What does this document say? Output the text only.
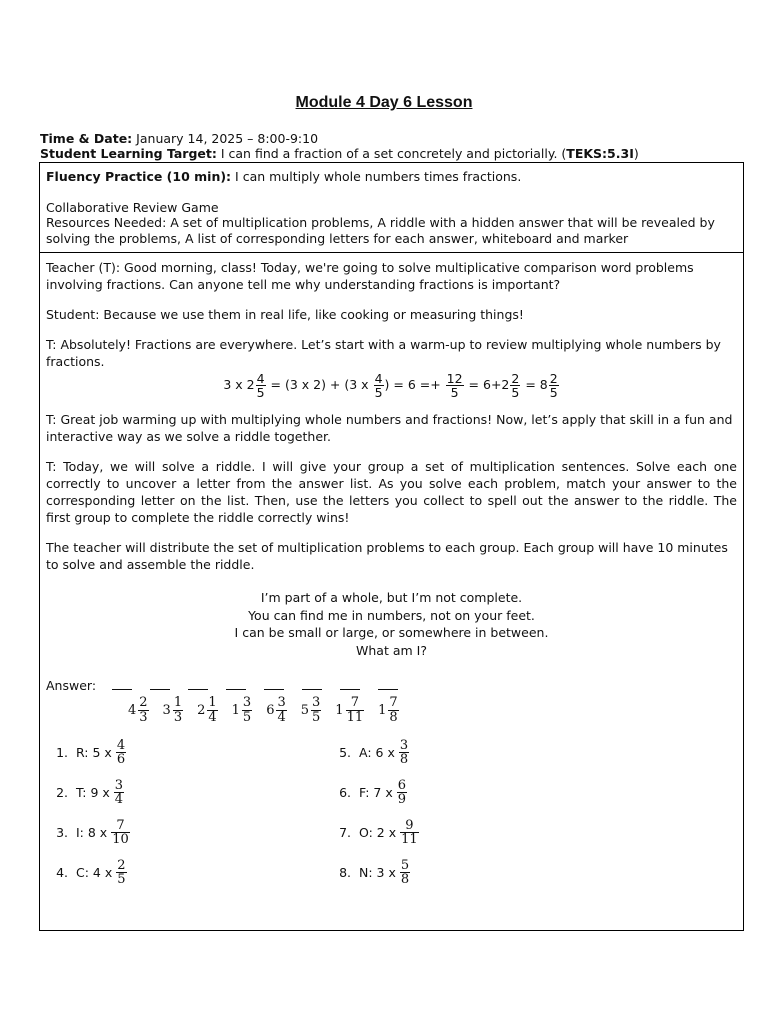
Module 4 Day 6 Lesson
Time & Date: January 14, 2025 – 8:00-9:10
Student Learning Target: I can find a fraction of a set concretely and pictorially. (TEKS:5.3I)

Fluency Practice (10 min): I can multiply whole numbers times fractions.

Collaborative Review Game

Resources Needed: A set of multiplication problems, A riddle with a hidden answer that will be revealed by solving the problems, A list of corresponding letters for each answer, whiteboard and marker

Teacher (T): Good morning, class! Today, we're going to solve multiplicative comparison word problems involving fractions. Can anyone tell me why understanding fractions is important?

Student: Because we use them in real life, like cooking or measuring things!

T: Absolutely! Fractions are everywhere. Let’s start with a warm-up to review multiplying whole numbers by fractions.

3 x $2 \frac{4}{5} = (3$ x 2) + (3 x $\frac{4}{5}$ ) = $6 =+ \frac{12}{5} = 6+2 \frac{2}{5} = 8 \frac{2}{5}$

T: Great job warming up with multiplying whole numbers and fractions! Now, let’s apply that skill in a fun and interactive way as we solve a riddle together.

T: Today, we will solve a riddle. I will give your group a set of multiplication sentences. Solve each one correctly to uncover a letter from the answer list. As you solve each problem, match your answer to the corresponding letter on the list. Then, use the letters you collect to spell out the answer to the riddle. The first group to complete the riddle correctly wins!

The teacher will distribute the set of multiplication problems to each group. Each group will have 10 minutes to solve and assemble the riddle.

I’m part of a whole, but I’m not complete.
You can find me in numbers, not on your feet.
I can be small or large, or somewhere in between.
What am I?
Answer:
$4 \frac{2}{3}$
$3 \frac{1}{3}$
$2 \frac{1}{4}$
$1 \frac{3}{5}$
$6 \frac{3}{4}$
$5 \frac{3}{5}$
$1 \frac{7}{11}$
$1 \frac{7}{8}$
1. R: 5 x $\frac{4}{6}$
2. T: 9 x $\frac{3}{4}$
3. I: 8 x $\frac{7}{10}$
4. C: 4 x $\frac{2}{5}$
5. A: 6 x $\frac{3}{8}$
6. F: 7 x $\frac{6}{9}$
7. O: 2 x $\frac{9}{11}$
8. N: 3 x $\frac{5}{8}$
